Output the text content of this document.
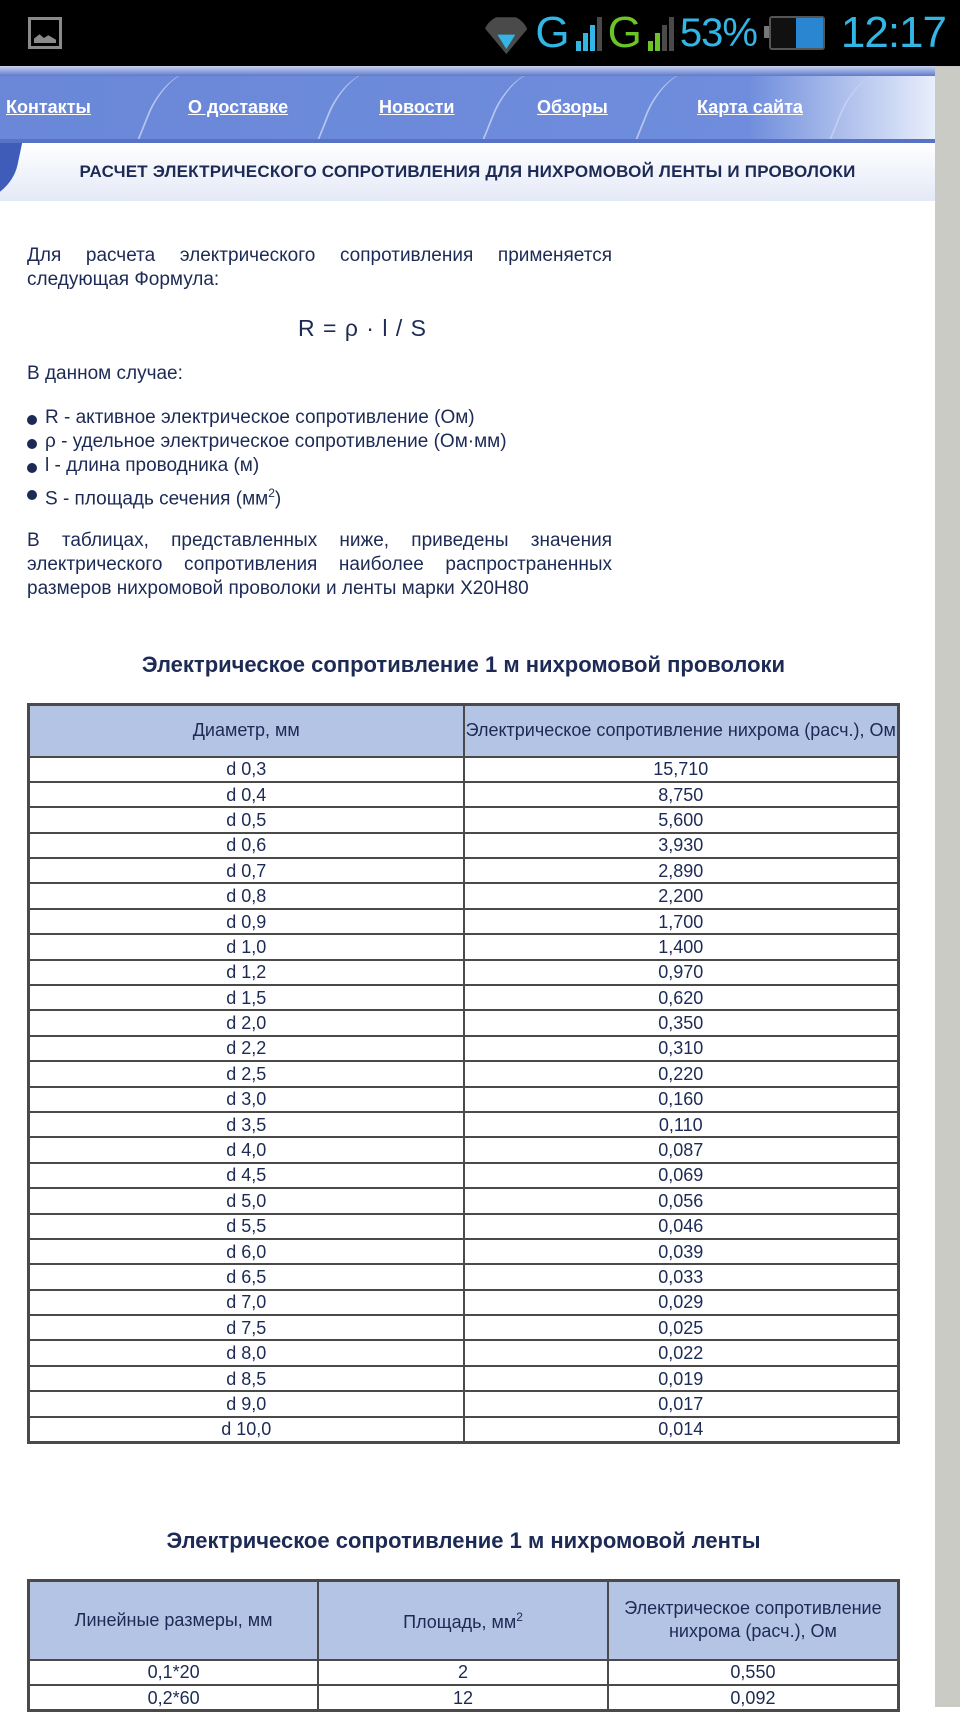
G G 53% 12:17
Контакты	О доставке	Новости	Обзоры	Карта сайта
РАСЧЕТ ЭЛЕКТРИЧЕСКОГО СОПРОТИВЛЕНИЯ ДЛЯ НИХРОМОВОЙ ЛЕНТЫ И ПРОВОЛОКИ

Для расчета электрического сопротивления применяется следующая Формула:

R = ρ · l / S
В данном случае:
R - активное электрическое сопротивление (Ом)
ρ - удельное электрическое сопротивление (Ом·мм)
l - длина проводника (м)
S - площадь сечения $(мм^2)$

В таблицах, представленных ниже, приведены значения электрического сопротивления наиболее распространенных размеров нихромовой проволоки и ленты марки Х20Н80

Электрическое сопротивление 1 м нихромовой проволоки
Диаметр, мм	Электрическое сопротивление нихрома (расч.), Ом
d 0,3	15,710
d 0,4	8,750
d 0,5	5,600
d 0,6	3,930
d 0,7	2,890
d 0,8	2,200
d 0,9	1,700
d 1,0	1,400
d 1,2	0,970
d 1,5	0,620
d 2,0	0,350
d 2,2	0,310
d 2,5	0,220
d 3,0	0,160
d 3,5	0,110
d 4,0	0,087
d 4,5	0,069
d 5,0	0,056
d 5,5	0,046
d 6,0	0,039
d 6,5	0,033
d 7,0	0,029
d 7,5	0,025
d 8,0	0,022
d 8,5	0,019
d 9,0	0,017
d 10,0	0,014
Электрическое сопротивление 1 м нихромовой ленты
Линейные размеры, мм	Площадь, $мм^2$	Электрическое сопротивление нихрома (расч.), Ом
0,1*20	2	0,550
0,2*60	12	0,092
